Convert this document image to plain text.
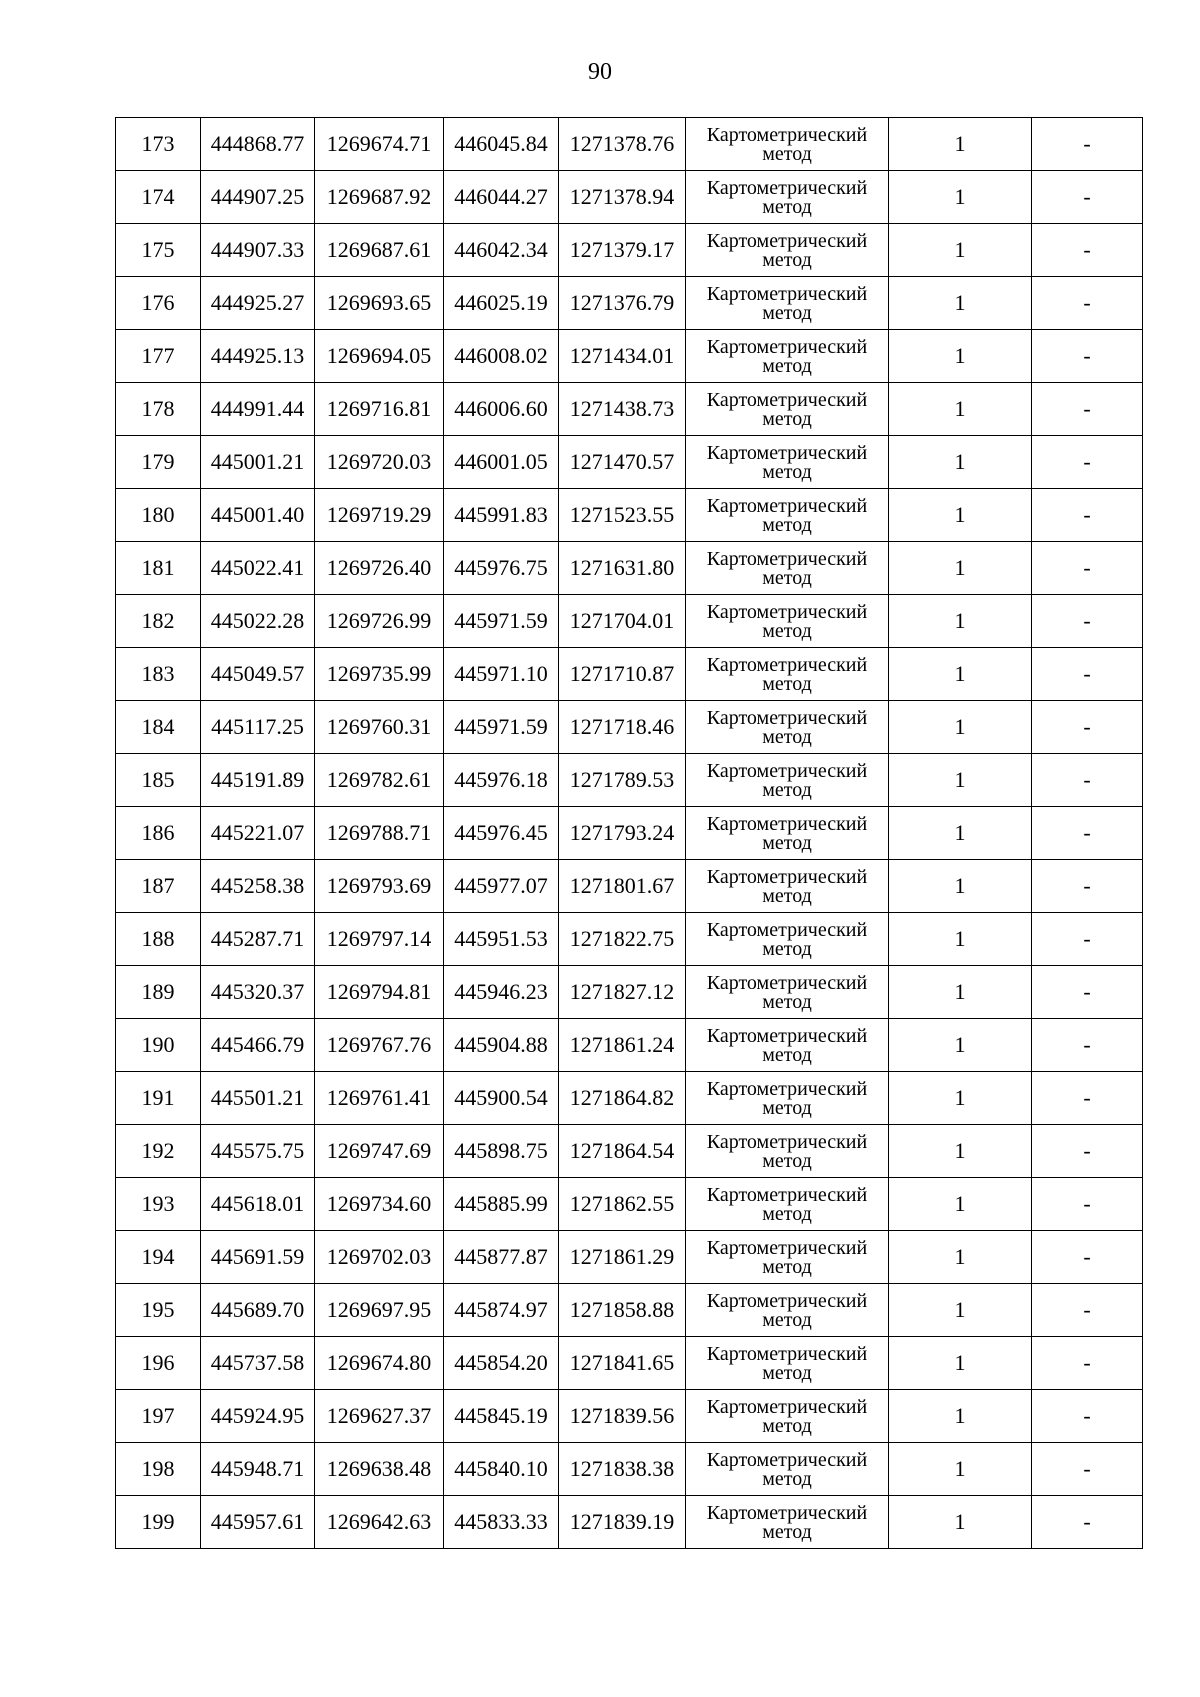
90
173	444868.77	1269674.71	446045.84	1271378.76	Картометрический
метод	1	-
174	444907.25	1269687.92	446044.27	1271378.94	Картометрический
метод	1	-
175	444907.33	1269687.61	446042.34	1271379.17	Картометрический
метод	1	-
176	444925.27	1269693.65	446025.19	1271376.79	Картометрический
метод	1	-
177	444925.13	1269694.05	446008.02	1271434.01	Картометрический
метод	1	-
178	444991.44	1269716.81	446006.60	1271438.73	Картометрический
метод	1	-
179	445001.21	1269720.03	446001.05	1271470.57	Картометрический
метод	1	-
180	445001.40	1269719.29	445991.83	1271523.55	Картометрический
метод	1	-
181	445022.41	1269726.40	445976.75	1271631.80	Картометрический
метод	1	-
182	445022.28	1269726.99	445971.59	1271704.01	Картометрический
метод	1	-
183	445049.57	1269735.99	445971.10	1271710.87	Картометрический
метод	1	-
184	445117.25	1269760.31	445971.59	1271718.46	Картометрический
метод	1	-
185	445191.89	1269782.61	445976.18	1271789.53	Картометрический
метод	1	-
186	445221.07	1269788.71	445976.45	1271793.24	Картометрический
метод	1	-
187	445258.38	1269793.69	445977.07	1271801.67	Картометрический
метод	1	-
188	445287.71	1269797.14	445951.53	1271822.75	Картометрический
метод	1	-
189	445320.37	1269794.81	445946.23	1271827.12	Картометрический
метод	1	-
190	445466.79	1269767.76	445904.88	1271861.24	Картометрический
метод	1	-
191	445501.21	1269761.41	445900.54	1271864.82	Картометрический
метод	1	-
192	445575.75	1269747.69	445898.75	1271864.54	Картометрический
метод	1	-
193	445618.01	1269734.60	445885.99	1271862.55	Картометрический
метод	1	-
194	445691.59	1269702.03	445877.87	1271861.29	Картометрический
метод	1	-
195	445689.70	1269697.95	445874.97	1271858.88	Картометрический
метод	1	-
196	445737.58	1269674.80	445854.20	1271841.65	Картометрический
метод	1	-
197	445924.95	1269627.37	445845.19	1271839.56	Картометрический
метод	1	-
198	445948.71	1269638.48	445840.10	1271838.38	Картометрический
метод	1	-
199	445957.61	1269642.63	445833.33	1271839.19	Картометрический
метод	1	-
